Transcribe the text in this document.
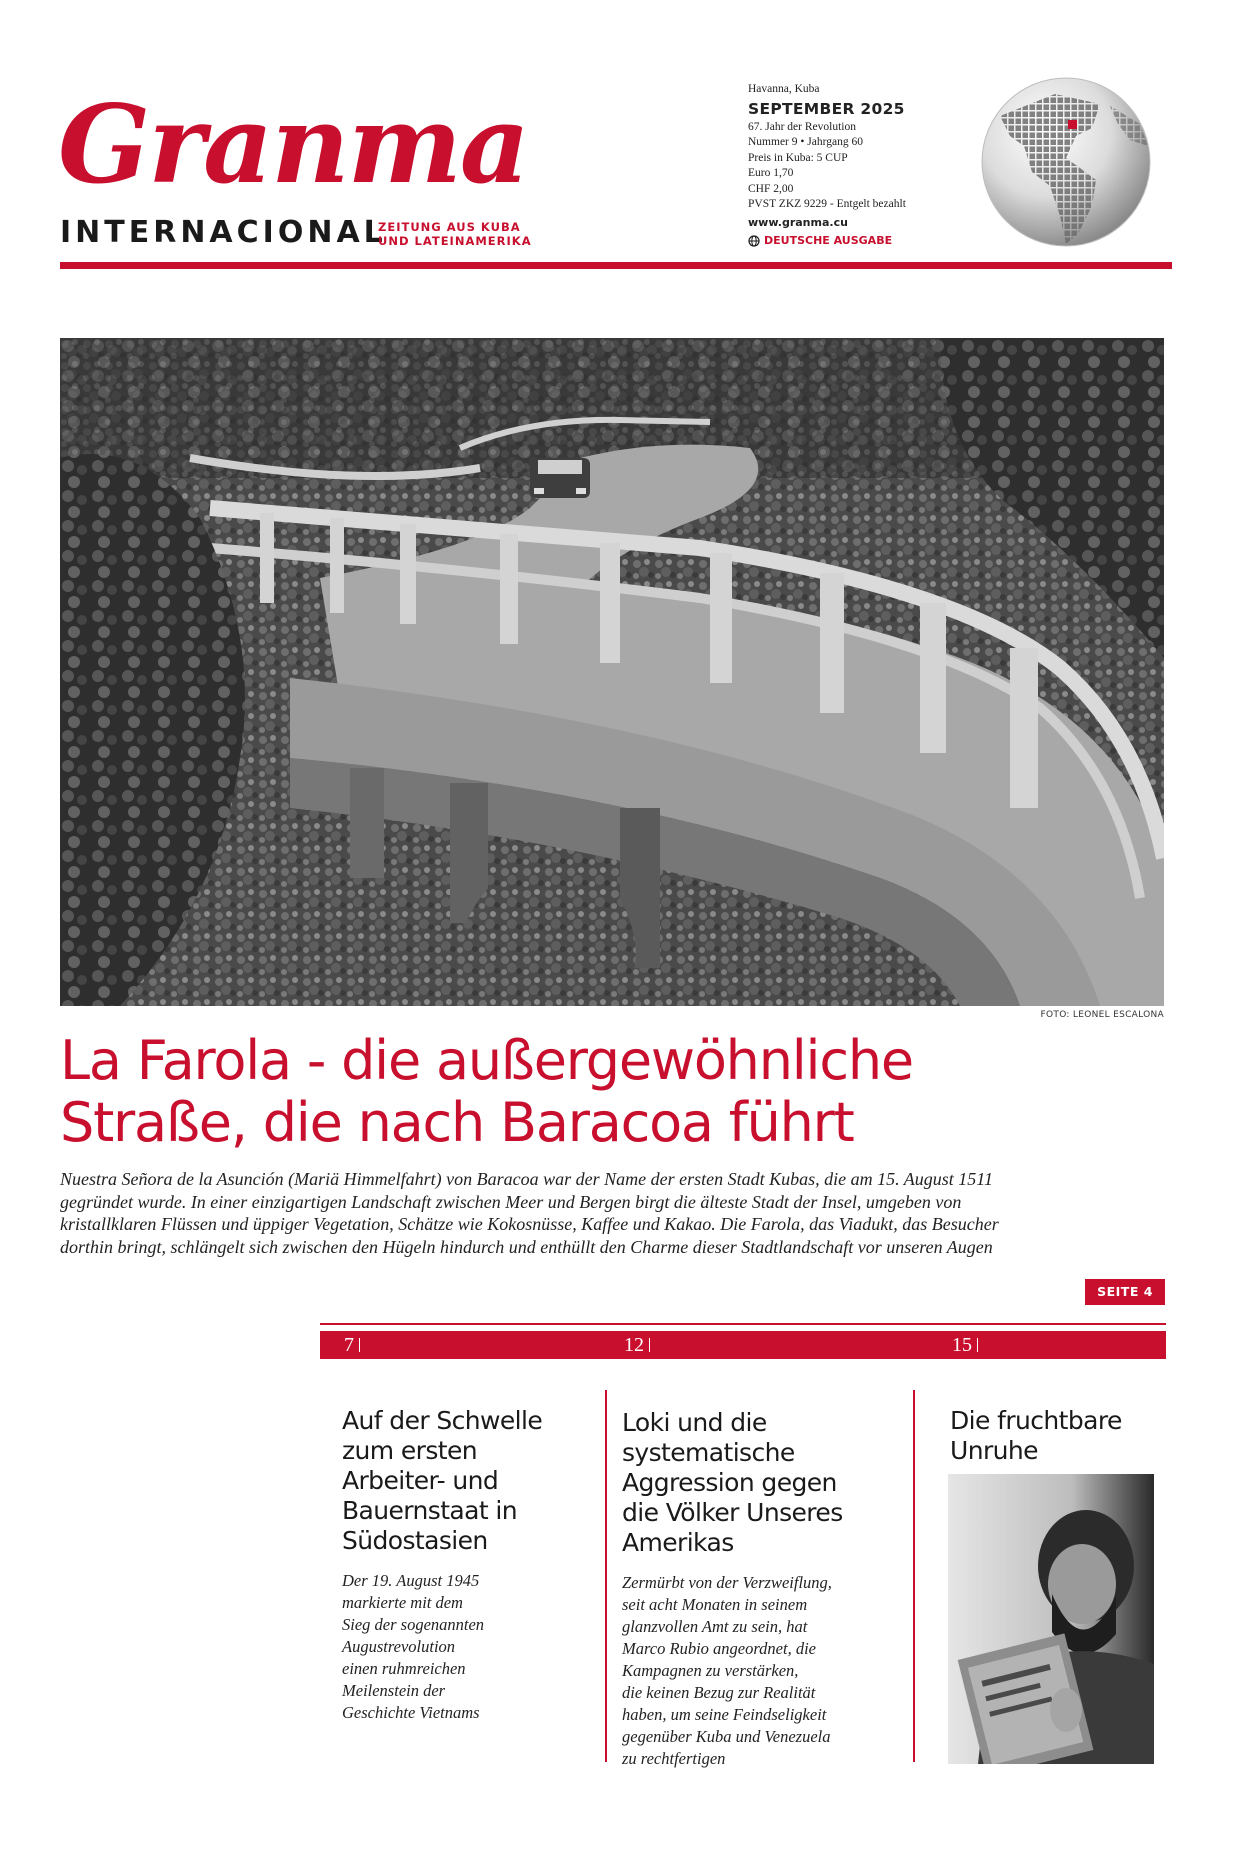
Granma
INTERNACIONAL
ZEITUNG AUS KUBA
UND LATEINAMERIKA
Havanna, Kuba
SEPTEMBER 2025
67. Jahr der Revolution
Nummer 9 • Jahrgang 60
Preis in Kuba: 5 CUP
Euro 1,70
CHF 2,00
PVST ZKZ 9229 - Entgelt bezahlt
www.granma.cu
DEUTSCHE AUSGABE
FOTO: LEONEL ESCALONA
La Farola - die außergewöhnliche
Straße, die nach Baracoa führt
Nuestra Señora de la Asunción (Mariä Himmelfahrt) von Baracoa war der Name der ersten Stadt Kubas, die am 15. August 1511
gegründet wurde. In einer einzigartigen Landschaft zwischen Meer und Bergen birgt die älteste Stadt der Insel, umgeben von
kristallklaren Flüssen und üppiger Vegetation, Schätze wie Kokosnüsse, Kaffee und Kakao. Die Farola, das Viadukt, das Besucher
dorthin bringt, schlängelt sich zwischen den Hügeln hindurch und enthüllt den Charme dieser Stadtlandschaft vor unseren Augen
SEITE 4
7	12	15
Auf der Schwelle
zum ersten
Arbeiter- und
Bauernstaat in
Südostasien
Der 19. August 1945
markierte mit dem
Sieg der sogenannten
Augustrevolution
einen ruhmreichen
Meilenstein der
Geschichte Vietnams
Loki und die
systematische
Aggression gegen
die Völker Unseres
Amerikas
Zermürbt von der Verzweiflung,
seit acht Monaten in seinem
glanzvollen Amt zu sein, hat
Marco Rubio angeordnet, die
Kampagnen zu verstärken,
die keinen Bezug zur Realität
haben, um seine Feindseligkeit
gegenüber Kuba und Venezuela
zu rechtfertigen
Die fruchtbare
Unruhe
